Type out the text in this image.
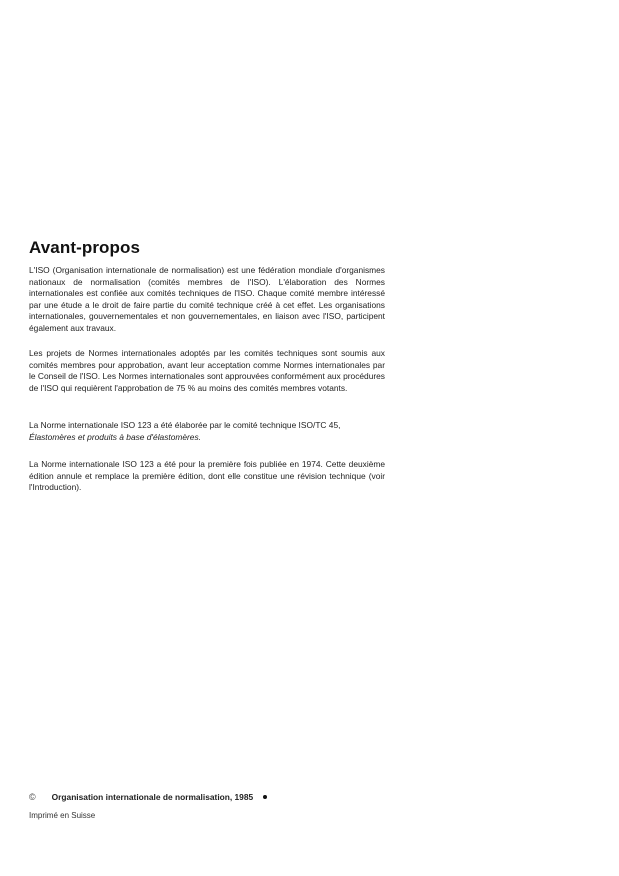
Avant-propos

L'ISO (Organisation internationale de normalisation) est une fédération mondiale d'organismes nationaux de normalisation (comités membres de l'ISO). L'élaboration des Normes internationales est confiée aux comités techniques de l'ISO. Chaque comité membre intéressé par une étude a le droit de faire partie du comité technique créé à cet effet. Les organisations internationales, gouvernementales et non gouvernementales, en liaison avec l'ISO, participent également aux travaux.

Les projets de Normes internationales adoptés par les comités techniques sont soumis aux comités membres pour approbation, avant leur acceptation comme Normes internationales par le Conseil de l'ISO. Les Normes internationales sont approuvées conformément aux procédures de l'ISO qui requièrent l'approbation de 75 % au moins des comités membres votants.

La Norme internationale ISO 123 a été élaborée par le comité technique ISO/TC 45,

Élastomères et produits à base d'élastomères.

La Norme internationale ISO 123 a été pour la première fois publiée en 1974. Cette deuxième édition annule et remplace la première édition, dont elle constitue une révision technique (voir l'Introduction).

© Organisation internationale de normalisation, 1985
Imprimé en Suisse
